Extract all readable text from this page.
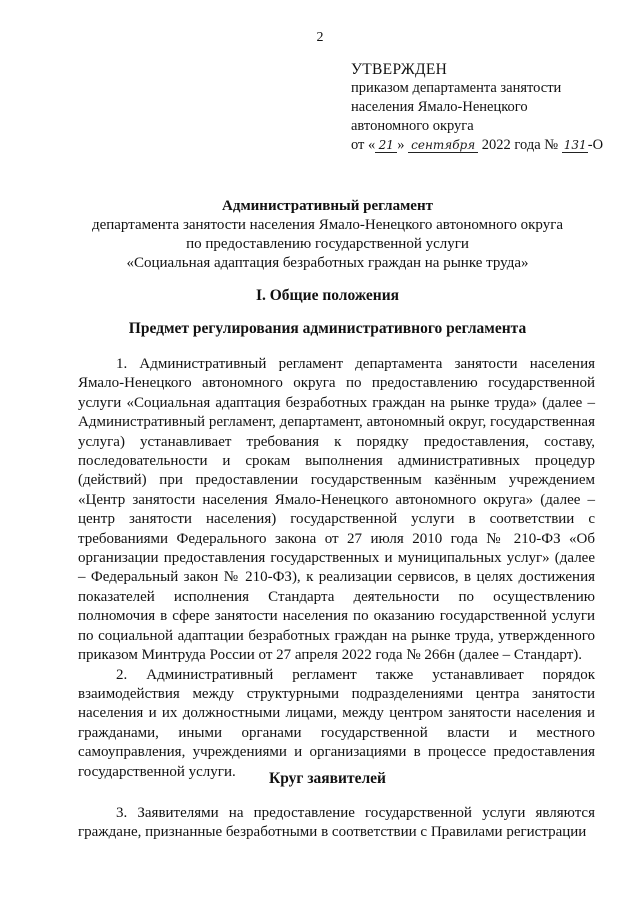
2
УТВЕРЖДЕН
приказом департамента занятости
населения Ямало-Ненецкого
автономного округа
от « 21 » сентября 2022 года № 131-О
Административный регламент
департамента занятости населения Ямало-Ненецкого автономного округа
по предоставлению государственной услуги
«Социальная адаптация безработных граждан на рынке труда»
I. Общие положения
Предмет регулирования административного регламента

1. Административный регламент департамента занятости населения Ямало-Ненецкого автономного округа по предоставлению государственной услуги «Социальная адаптация безработных граждан на рынке труда» (далее – Административный регламент, департамент, автономный округ, государственная услуга) устанавливает требования к порядку предоставления, составу, последовательности и срокам выполнения административных процедур (действий) при предоставлении государственным казённым учреждением «Центр занятости населения Ямало-Ненецкого автономного округа» (далее – центр занятости населения) государственной услуги в соответствии с требованиями Федерального закона от 27 июля 2010 года № 210-ФЗ «Об организации предоставления государственных и муниципальных услуг» (далее – Федеральный закон № 210-ФЗ), к реализации сервисов, в целях достижения показателей исполнения Стандарта деятельности по осуществлению полномочия в сфере занятости населения по оказанию государственной услуги по социальной адаптации безработных граждан на рынке труда, утвержденного приказом Минтруда России от 27 апреля 2022 года № 266н (далее – Стандарт).

2. Административный регламент также устанавливает порядок взаимодействия между структурными подразделениями центра занятости населения и их должностными лицами, между центром занятости населения и гражданами, иными органами государственной власти и местного самоуправления, учреждениями и организациями в процессе предоставления государственной услуги.	Круг заявителей

3. Заявителями на предоставление государственной услуги являются граждане, признанные безработными в соответствии с Правилами регистрации
